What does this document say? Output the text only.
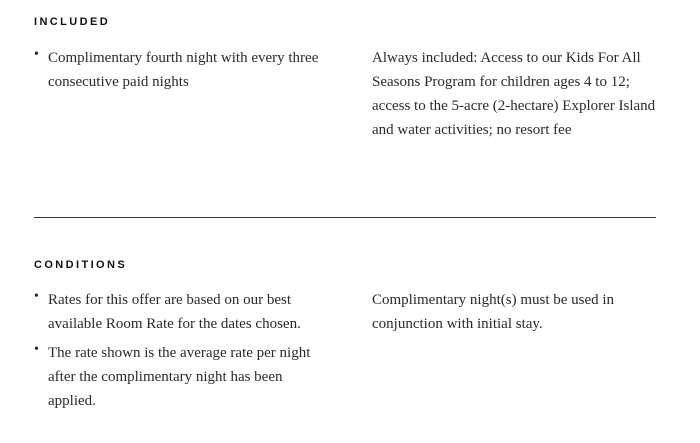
INCLUDED
• Complimentary fourth night with every three consecutive paid nights

Always included: Access to our Kids For All Seasons Program for children ages 4 to 12; access to the 5-acre (2-hectare) Explorer Island and water activities; no resort fee

CONDITIONS
• Rates for this offer are based on our best available Room Rate for the dates chosen.
• The rate shown is the average rate per night after the complimentary night has been applied.

Complimentary night(s) must be used in conjunction with initial stay.
